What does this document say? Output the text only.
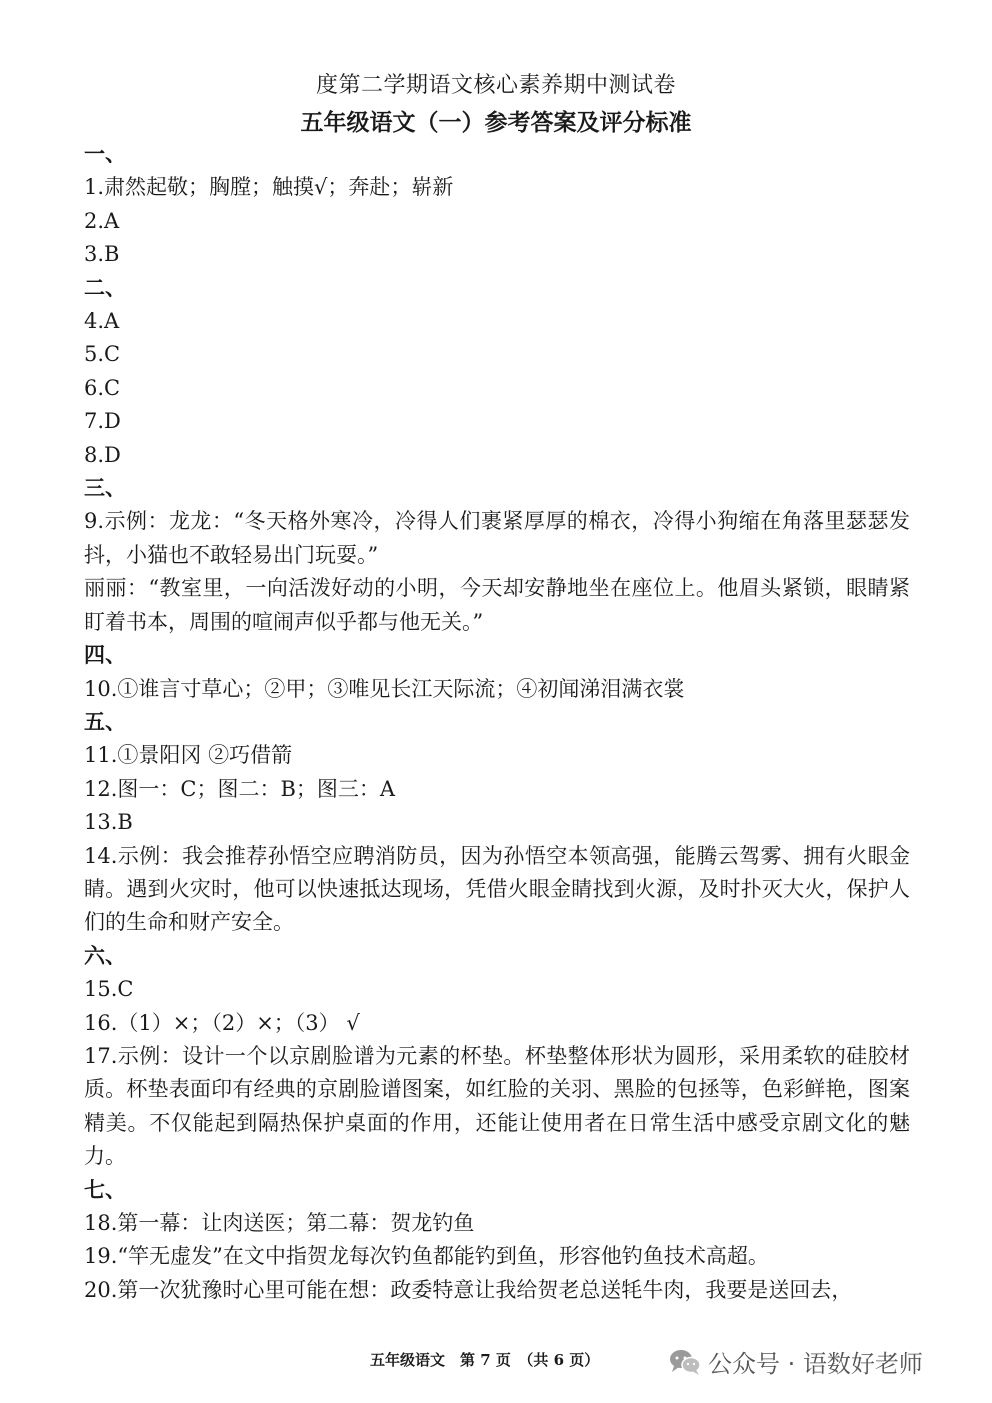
度第二学期语文核心素养期中测试卷
五年级语文（一）参考答案及评分标准
一、
1.肃然起敬；胸膛；触摸√；奔赴；崭新
2.A
3.B
二、
4.A
5.C
6.C
7.D
8.D
三、
9.示例：龙龙：“冬天格外寒冷，冷得人们裹紧厚厚的棉衣，冷得小狗缩在角落里瑟瑟发抖，小猫也不敢轻易出门玩耍。”
丽丽：“教室里，一向活泼好动的小明，今天却安静地坐在座位上。他眉头紧锁，眼睛紧盯着书本，周围的喧闹声似乎都与他无关。”
四、
10.①谁言寸草心；②甲；③唯见长江天际流；④初闻涕泪满衣裳
五、
11.①景阳冈 ②巧借箭
12.图一：C；图二：B；图三：A
13.B
14.示例：我会推荐孙悟空应聘消防员，因为孙悟空本领高强，能腾云驾雾、拥有火眼金睛。遇到火灾时，他可以快速抵达现场，凭借火眼金睛找到火源，及时扑灭大火，保护人们的生命和财产安全。
六、
15.C
16.（1）×；（2）×；（3） √
17.示例：设计一个以京剧脸谱为元素的杯垫。杯垫整体形状为圆形，采用柔软的硅胶材质。杯垫表面印有经典的京剧脸谱图案，如红脸的关羽、黑脸的包拯等，色彩鲜艳，图案精美。不仅能起到隔热保护桌面的作用，还能让使用者在日常生活中感受京剧文化的魅力。
七、
18.第一幕：让肉送医；第二幕：贺龙钓鱼
19.“竿无虚发”在文中指贺龙每次钓鱼都能钓到鱼，形容他钓鱼技术高超。
20.第一次犹豫时心里可能在想：政委特意让我给贺老总送牦牛肉，我要是送回去，
五年级语文　第 7 页　（共 6 页）	公众号 · 语数好老师
